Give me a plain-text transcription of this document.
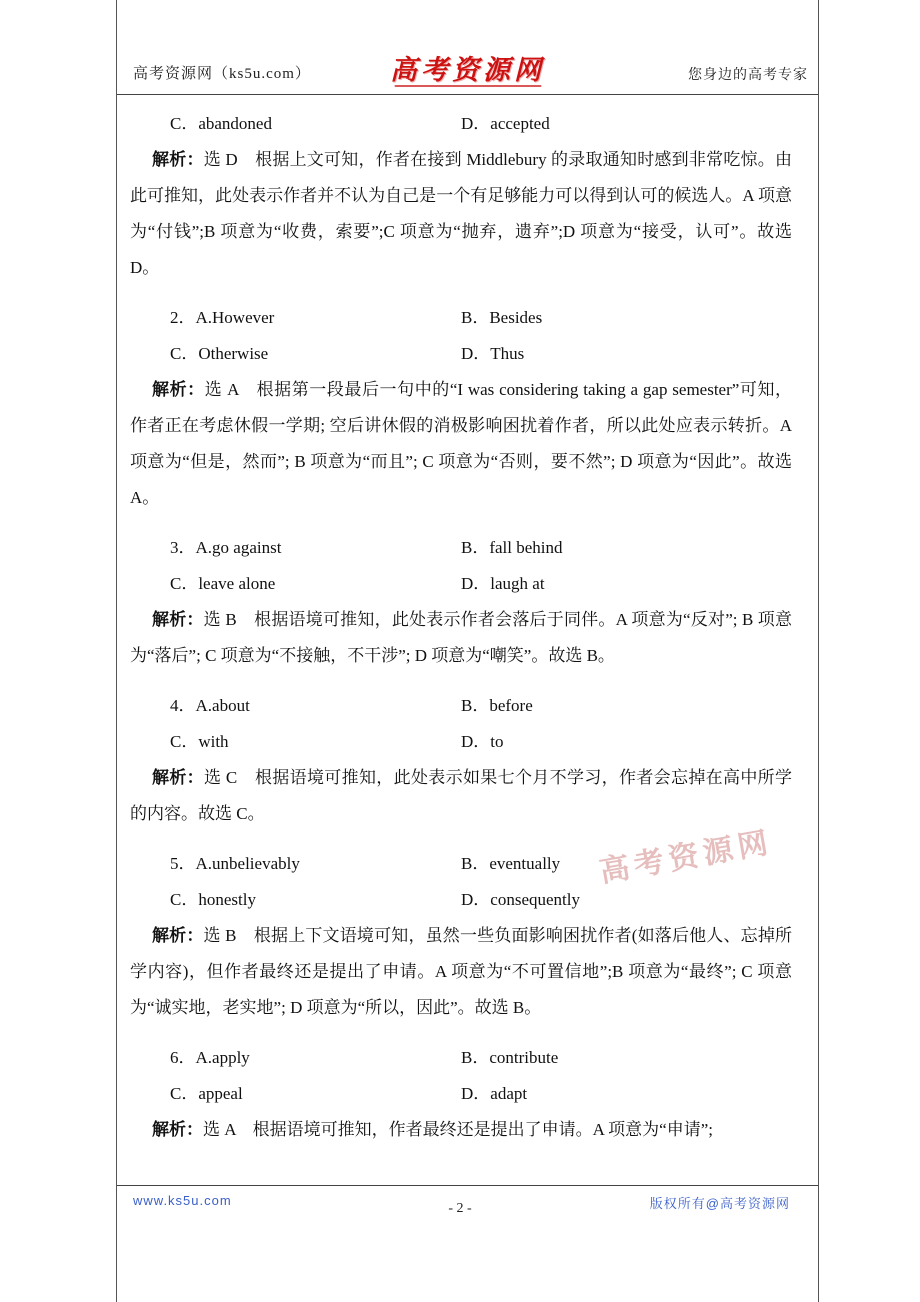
高考资源网（ks5u.com）	高考资源网	您身边的高考专家
C．abandoned	D．accepted

解析：选 D　根据上文可知，作者在接到 Middlebury 的录取通知时感到非常吃惊。由此可推知，此处表示作者并不认为自己是一个有足够能力可以得到认可的候选人。A 项意为“付钱”;B 项意为“收费，索要”;C 项意为“抛弃，遗弃”;D 项意为“接受，认可”。故选 D。

2．A.However	B．Besides
C．Otherwise	D．Thus

解析：选 A　根据第一段最后一句中的“I was considering taking a gap semester”可知，作者正在考虑休假一学期; 空后讲休假的消极影响困扰着作者，所以此处应表示转折。A 项意为“但是，然而”; B 项意为“而且”; C 项意为“否则，要不然”; D 项意为“因此”。故选 A。

3．A.go against	B．fall behind
C．leave alone	D．laugh at

解析：选 B　根据语境可推知，此处表示作者会落后于同伴。A 项意为“反对”; B 项意为“落后”; C 项意为“不接触，不干涉”; D 项意为“嘲笑”。故选 B。

4．A.about	B．before
C．with	D．to

解析：选 C　根据语境可推知，此处表示如果七个月不学习，作者会忘掉在高中所学的内容。故选 C。

5．A.unbelievably	B．eventually
C．honestly	D．consequently

解析：选 B　根据上下文语境可知，虽然一些负面影响困扰作者(如落后他人、忘掉所学内容)，但作者最终还是提出了申请。A 项意为“不可置信地”;B 项意为“最终”; C 项意为“诚实地，老实地”; D 项意为“所以，因此”。故选 B。

6．A.apply	B．contribute
C．appeal	D．adapt

解析：选 A　根据语境可推知，作者最终还是提出了申请。A 项意为“申请”;

高考资源网
www.ks5u.com
- 2 -	版权所有@高考资源网
